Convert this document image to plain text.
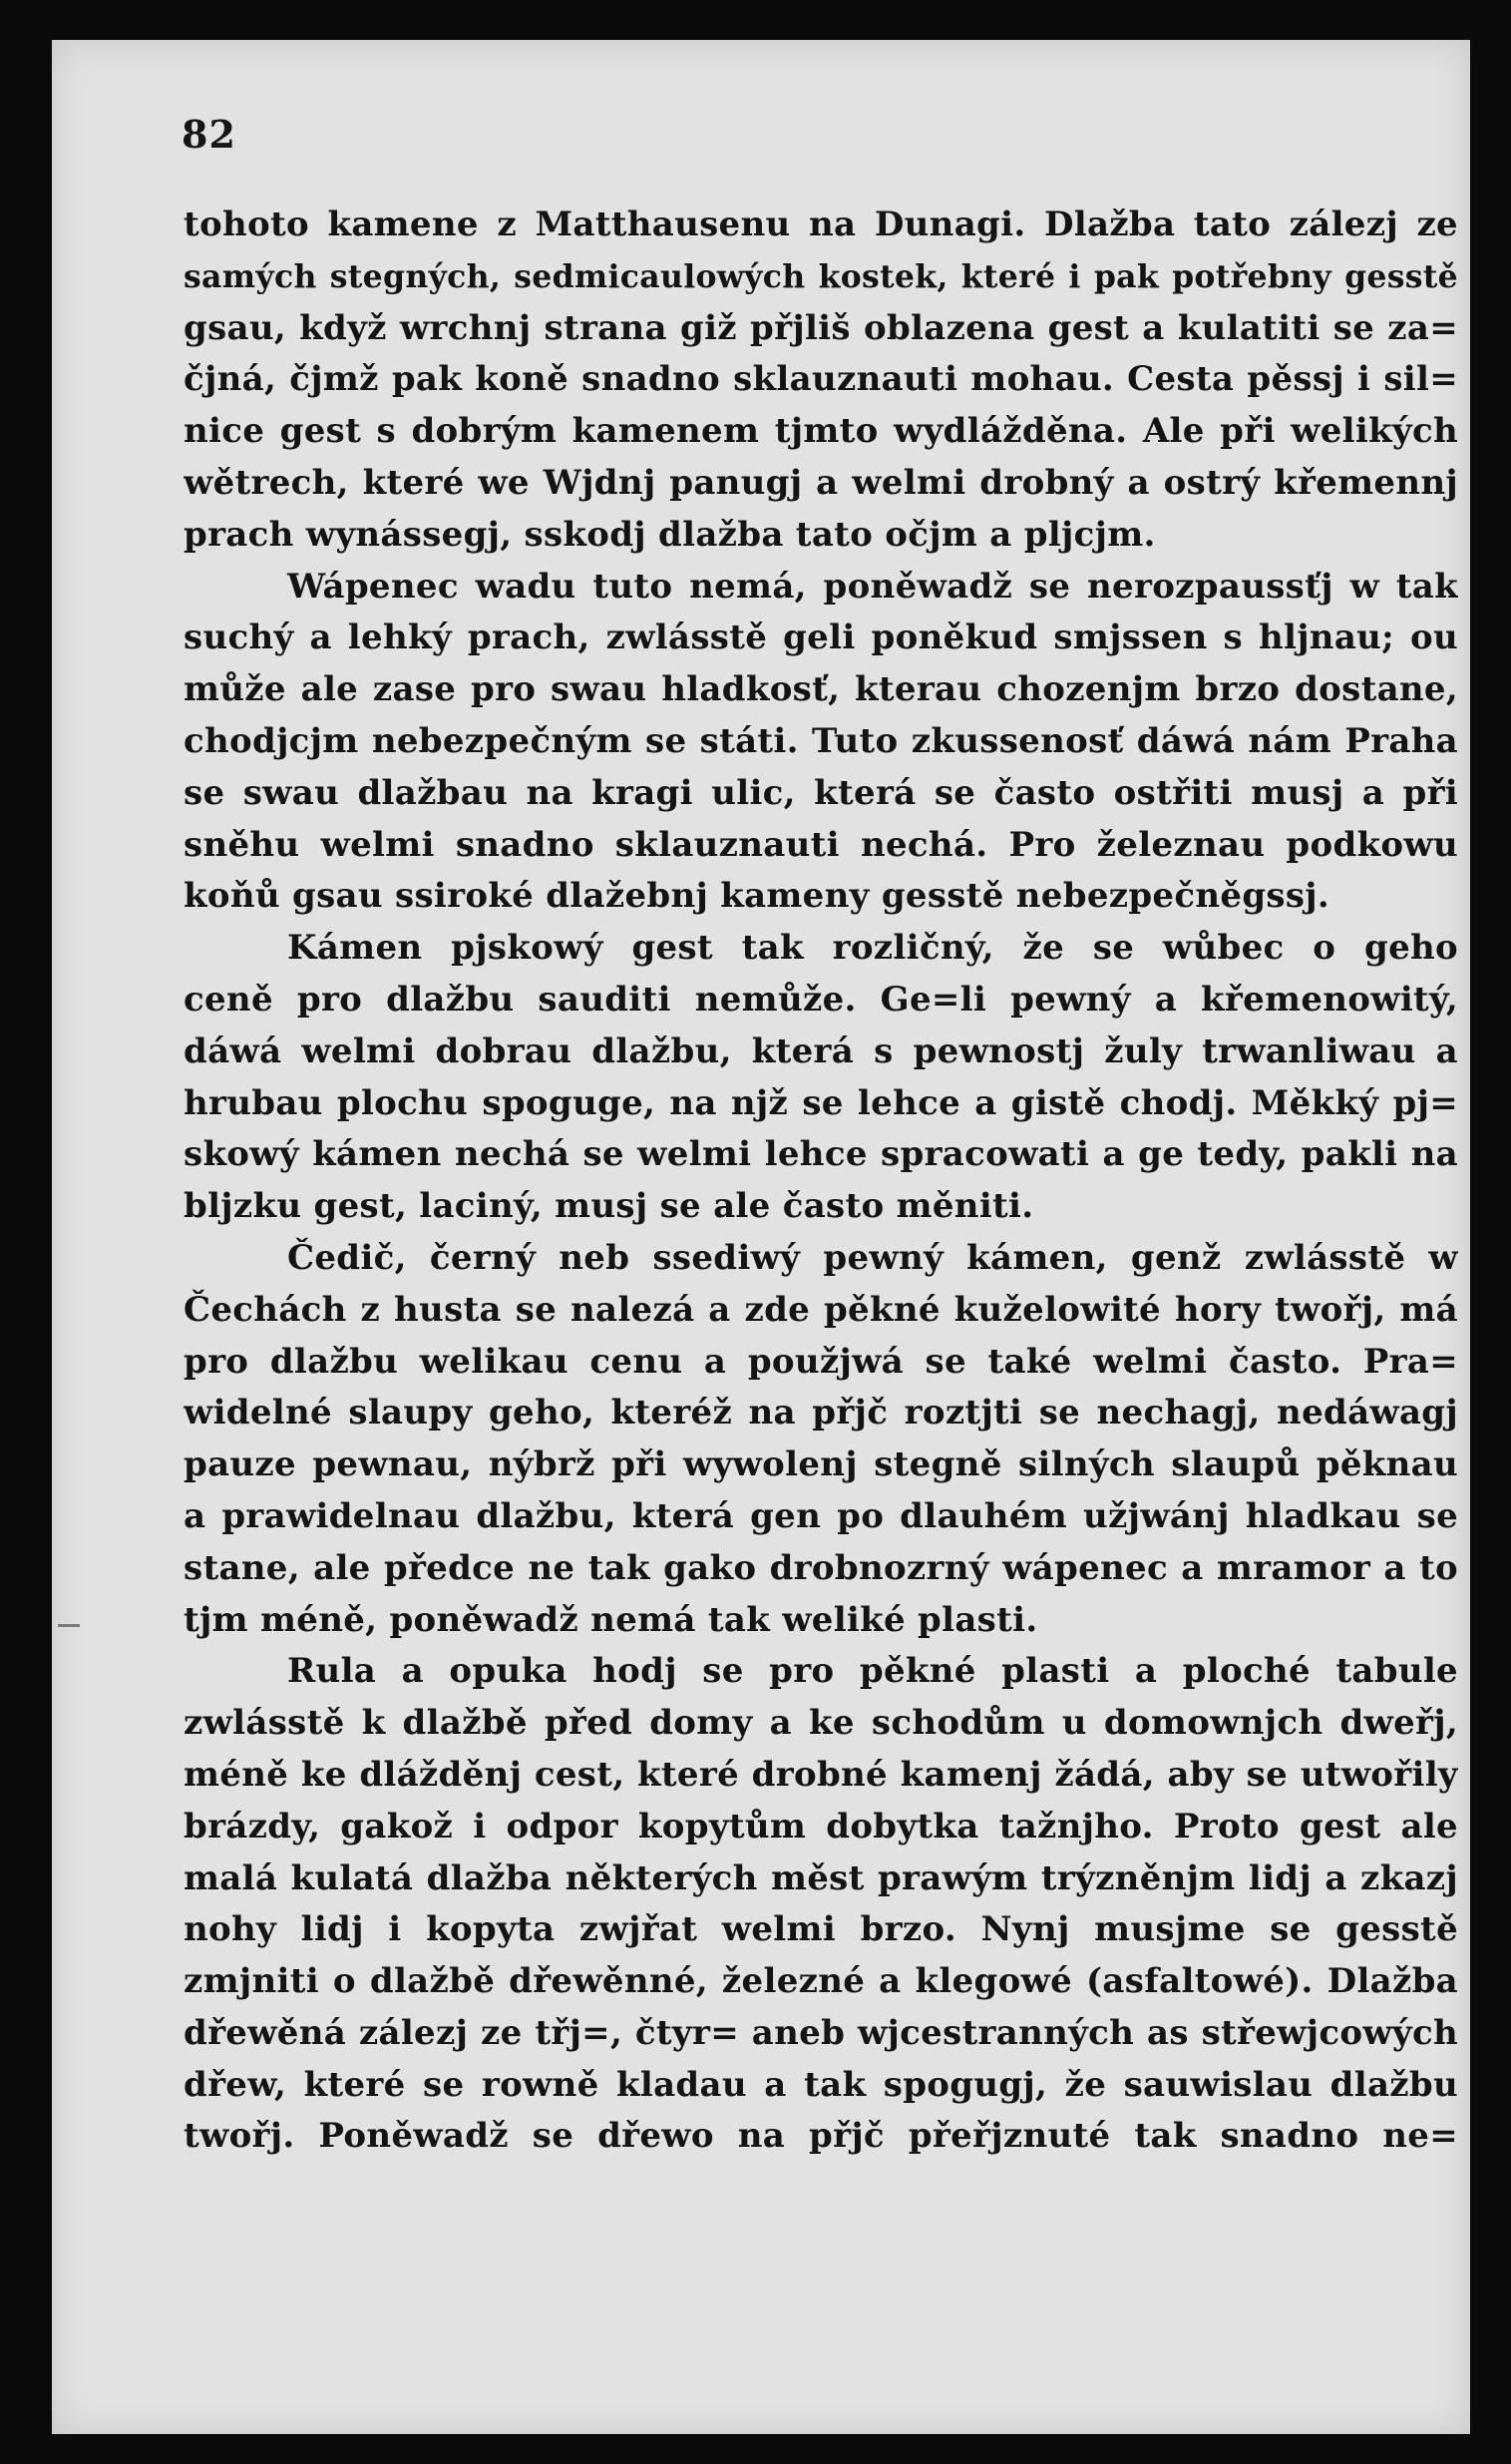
82
tohoto kamene z Matthausenu na Dunagi. Dlažba tato zálezj ze
samých stegných, sedmicaulowých kostek, které i pak potřebny gesstě
gsau, když wrchnj strana giž přjliš oblazena gest a kulatiti se za=
čjná, čjmž pak koně snadno sklauznauti mohau. Cesta pěssj i sil=
nice gest s dobrým kamenem tjmto wydlážděna. Ale při welikých
wětrech, které we Wjdnj panugj a welmi drobný a ostrý křemennj
prach wynássegj, sskodj dlažba tato očjm a pljcjm.
Wápenec wadu tuto nemá, poněwadž se nerozpaussťj w tak
suchý a lehký prach, zwlásstě geli poněkud smjssen s hljnau; ou
může ale zase pro swau hladkosť, kterau chozenjm brzo dostane,
chodjcjm nebezpečným se státi. Tuto zkussenosť dáwá nám Praha
se swau dlažbau na kragi ulic, která se často ostřiti musj a při
sněhu welmi snadno sklauznauti nechá. Pro železnau podkowu
koňů gsau ssiroké dlažebnj kameny gesstě nebezpečněgssj.
Kámen pjskowý gest tak rozličný, že se wůbec o geho
ceně pro dlažbu sauditi nemůže. Ge=li pewný a křemenowitý,
dáwá welmi dobrau dlažbu, která s pewnostj žuly trwanliwau a
hrubau plochu spoguge, na njž se lehce a gistě chodj. Měkký pj=
skowý kámen nechá se welmi lehce spracowati a ge tedy, pakli na
bljzku gest, laciný, musj se ale často měniti.
Čedič, černý neb ssediwý pewný kámen, genž zwlásstě w
Čechách z husta se nalezá a zde pěkné kuželowité hory twořj, má
pro dlažbu welikau cenu a použjwá se také welmi často. Pra=
widelné slaupy geho, kteréž na přjč roztjti se nechagj, nedáwagj
pauze pewnau, nýbrž při wywolenj stegně silných slaupů pěknau
a prawidelnau dlažbu, která gen po dlauhém užjwánj hladkau se
stane, ale předce ne tak gako drobnozrný wápenec a mramor a to
tjm méně, poněwadž nemá tak weliké plasti.
Rula a opuka hodj se pro pěkné plasti a ploché tabule
zwlásstě k dlažbě před domy a ke schodům u domownjch dweřj,
méně ke dlážděnj cest, které drobné kamenj žádá, aby se utwořily
brázdy, gakož i odpor kopytům dobytka tažnjho. Proto gest ale
malá kulatá dlažba některých měst prawým trýzněnjm lidj a zkazj
nohy lidj i kopyta zwjřat welmi brzo. Nynj musjme se gesstě
zmjniti o dlažbě dřewěnné, železné a klegowé (asfaltowé). Dlažba
dřewěná zálezj ze třj=, čtyr= aneb wjcestranných as střewjcowých
dřew, které se rowně kladau a tak spogugj, že sauwislau dlažbu
twořj. Poněwadž se dřewo na přjč přeřjznuté tak snadno ne=
